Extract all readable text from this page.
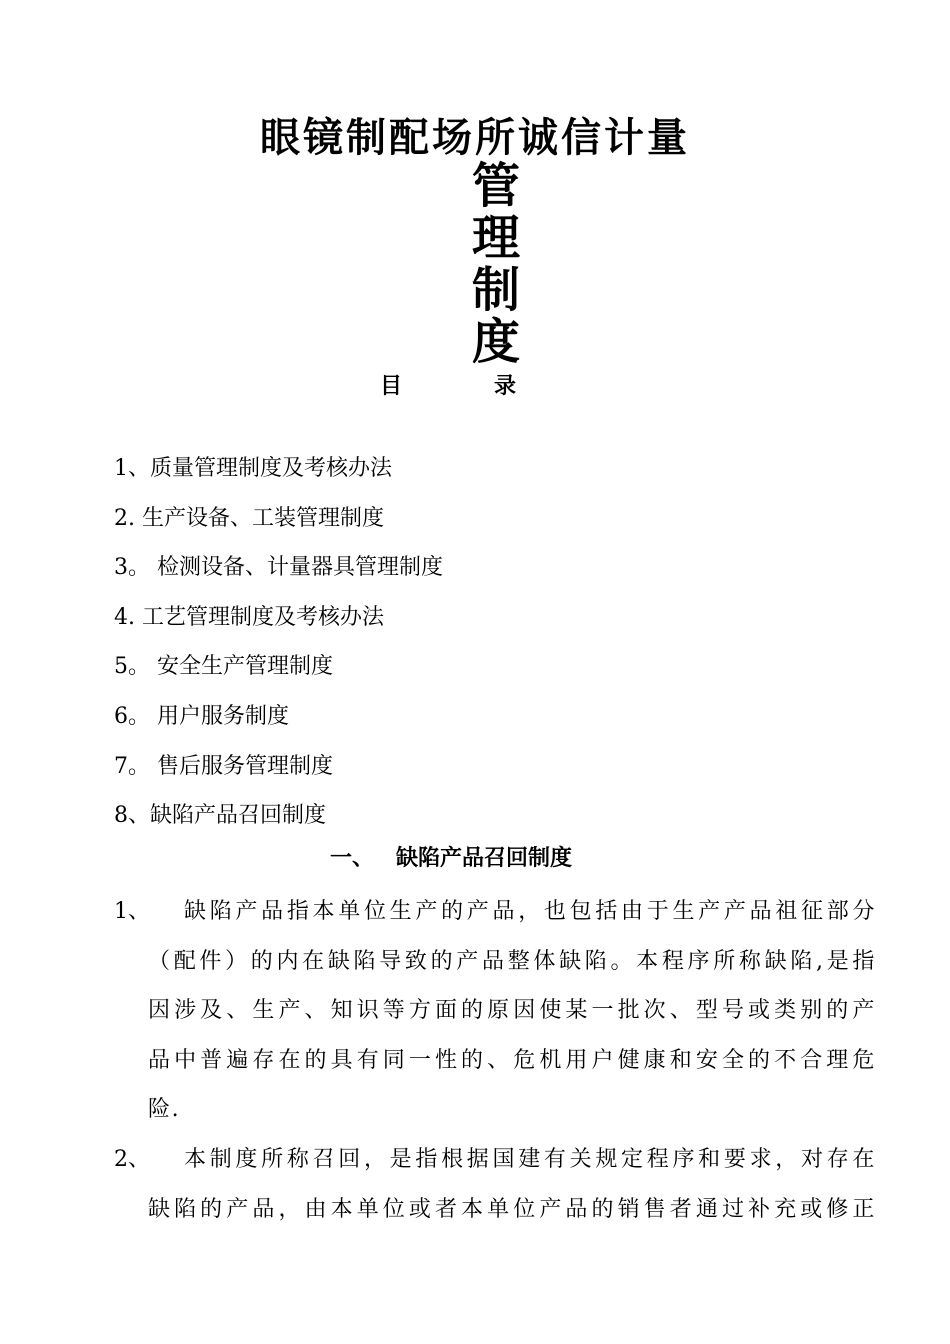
眼镜制配场所诚信计量
管
理
制
度
目	录
1、质量管理制度及考核办法
2. 生产设备、工装管理制度
3。 检测设备、计量器具管理制度
4. 工艺管理制度及考核办法
5。 安全生产管理制度
6。 用户服务制度
7。 售后服务管理制度
8、缺陷产品召回制度
一、 缺陷产品召回制度
1、	缺陷产品指本单位生产的产品，也包括由于生产产品祖征部分
（配件）的内在缺陷导致的产品整体缺陷。本程序所称缺陷,是指
因涉及、生产、知识等方面的原因使某一批次、型号或类别的产
品中普遍存在的具有同一性的、危机用户健康和安全的不合理危
险.
2、	本制度所称召回，是指根据国建有关规定程序和要求，对存在
缺陷的产品，由本单位或者本单位产品的销售者通过补充或修正
